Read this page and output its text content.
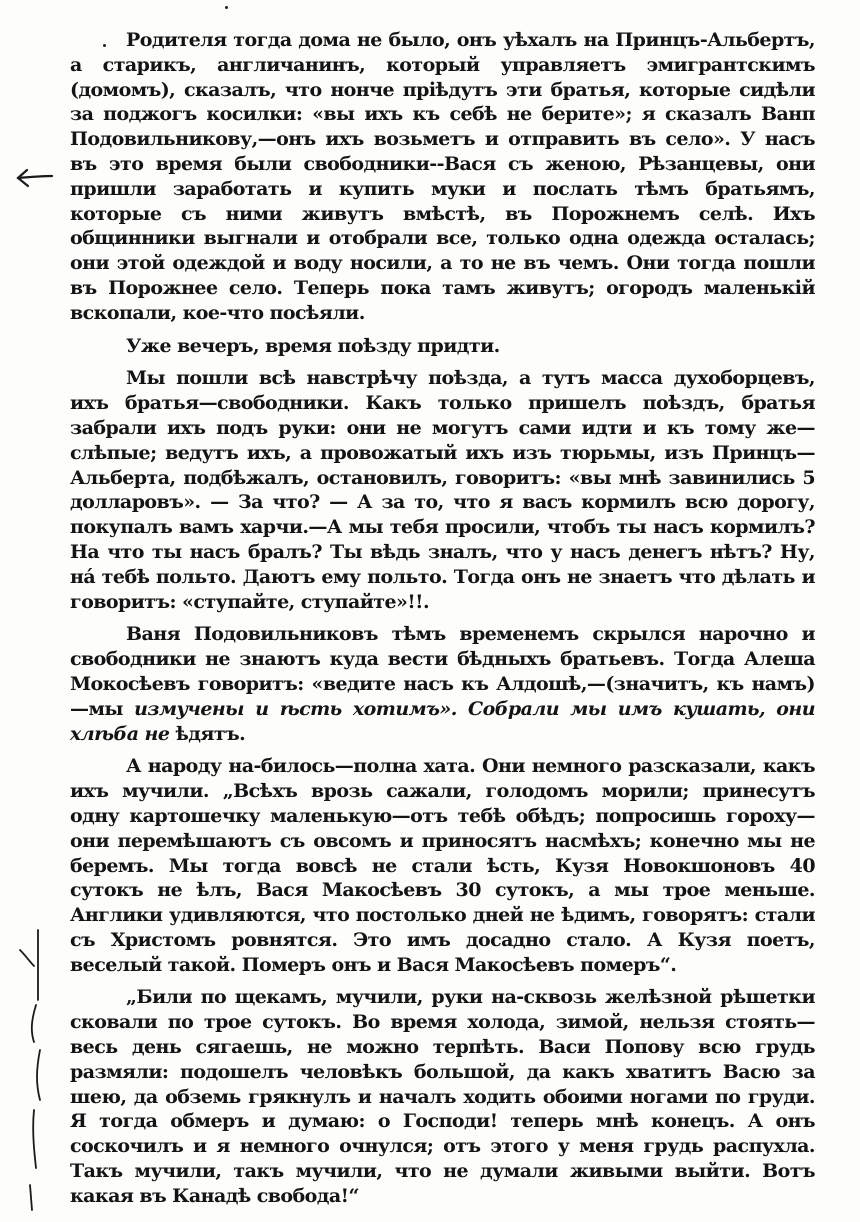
Родителя тогда дома не было, онъ уѣхалъ на Принцъ-Альбертъ, а старикъ, англичанинъ, который управляетъ эмигрантскимъ (домомъ), сказалъ, что нонче прiѣдутъ эти братья, которые сидѣли за поджогъ косилки: «вы ихъ къ себѣ не берите»; я сказалъ Ванп Подовильникову,—онъ ихъ возьметъ и отправить въ село». У насъ въ это время были свободники--Вася съ женою, Рѣзанцевы, они пришли заработать и купить муки и послать тѣмъ братьямъ, которые съ ними живутъ вмѣстѣ, въ Порожнемъ селѣ. Ихъ общинники выгнали и отобрали все, только одна одежда осталась; они этой одеждой и воду носили, а то не въ чемъ. Они тогда пошли въ Порожнее село. Теперь пока тамъ живутъ; огородъ маленькiй вскопали, кое-что посѣяли.

Уже вечеръ, время поѣзду придти.

Мы пошли всѣ навстрѣчу поѣзда, а тутъ масса духоборцевъ, ихъ братья—свободники. Какъ только пришелъ поѣздъ, братья забрали ихъ подъ руки: они не могутъ сами идти и къ тому же—слѣпые; ведутъ ихъ, а провожатый ихъ изъ тюрьмы, изъ Принцъ—Альберта, подбѣжалъ, остановилъ, говоритъ: «вы мнѣ завинились 5 долларовъ». — За что? — А за то, что я васъ кормилъ всю дорогу, покупалъ вамъ харчи.—А мы тебя просили, чтобъ ты насъ кормилъ? На что ты насъ бралъ? Ты вѣдь зналъ, что у насъ денегъ нѣтъ? Ну, на́ тебѣ польто. Даютъ ему польто. Тогда онъ не знаетъ что дѣлать и говоритъ: «ступайте, ступайте»!!.

Ваня Подовильниковъ тѣмъ временемъ скрылся нарочно и свободники не знаютъ куда вести бѣдныхъ братьевъ. Тогда Алеша Мокосѣевъ говоритъ: «ведите насъ къ Алдошѣ,—(значитъ, къ намъ)—мы измучены и ѣсть хотимъ». Собрали мы имъ кушать, они хлѣба не ѣдятъ.

А народу на-билось—полна хата. Они немного разсказали, какъ ихъ мучили. „Всѣхъ врозь сажали, голодомъ морили; принесутъ одну картошечку маленькую—отъ тебѣ обѣдъ; попросишь гороху—они перемѣшаютъ съ овсомъ и приносятъ насмѣхъ; конечно мы не беремъ. Мы тогда вовсѣ не стали ѣсть, Кузя Новокшоновъ 40 сутокъ не ѣлъ, Вася Макосѣевъ 30 сутокъ, а мы трое меньше. Англики удивляются, что постолько дней не ѣдимъ, говорятъ: стали съ Христомъ ровнятся. Это имъ досадно стало. А Кузя поетъ, веселый такой. Померъ онъ и Вася Макосѣевъ померъ“.

„Били по щекамъ, мучили, руки на-сквозь желѣзной рѣшетки сковали по трое сутокъ. Во время холода, зимой, нельзя стоять—весь день сягаешь, не можно терпѣть. Васи Попову всю грудь размяли: подошелъ человѣкъ большой, да какъ хватитъ Васю за шею, да обземь грякнулъ и началъ ходить обоими ногами по груди. Я тогда обмеръ и думаю: о Господи! теперь мнѣ конецъ. А онъ соскочилъ и я немного очнулся; отъ этого у меня грудь распухла. Такъ мучили, такъ мучили, что не думали живыми выйти. Вотъ какая въ Канадѣ свобода!“
